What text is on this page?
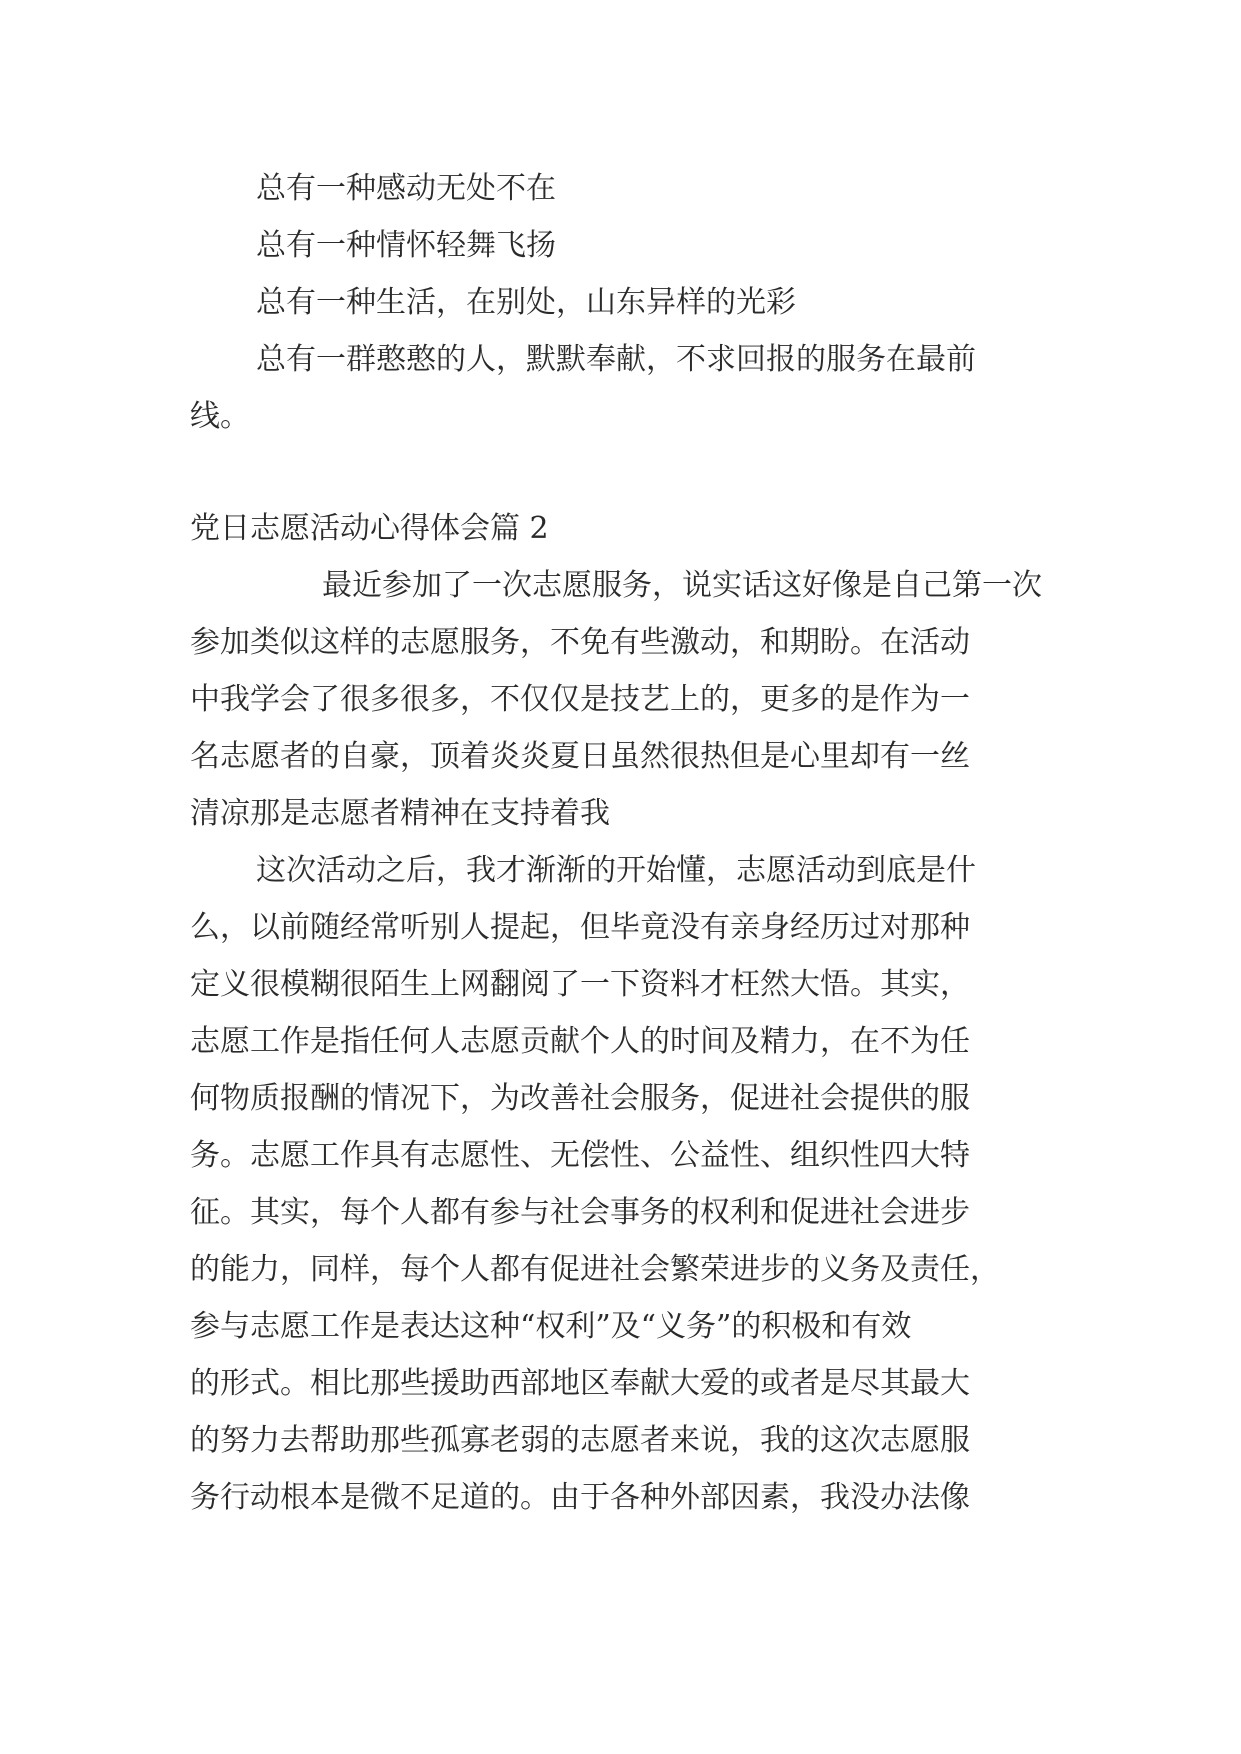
总有一种感动无处不在

总有一种情怀轻舞飞扬

总有一种生活，在别处，山东异样的光彩

总有一群憨憨的人，默默奉献，不求回报的服务在最前

线。

党日志愿活动心得体会篇 2
最近参加了一次志愿服务，说实话这好像是自己第一次
参加类似这样的志愿服务，不免有些激动，和期盼。在活动
中我学会了很多很多，不仅仅是技艺上的，更多的是作为一
名志愿者的自豪，顶着炎炎夏日虽然很热但是心里却有一丝
清凉那是志愿者精神在支持着我
这次活动之后，我才渐渐的开始懂，志愿活动到底是什
么，以前随经常听别人提起，但毕竟没有亲身经历过对那种
定义很模糊很陌生上网翻阅了一下资料才枉然大悟。其实，
志愿工作是指任何人志愿贡献个人的时间及精力，在不为任
何物质报酬的情况下，为改善社会服务，促进社会提供的服
务。志愿工作具有志愿性、无偿性、公益性、组织性四大特
征。其实，每个人都有参与社会事务的权利和促进社会进步
的能力，同样，每个人都有促进社会繁荣进步的义务及责任，
参与志愿工作是表达这种“权利”及“义务”的积极和有效
的形式。相比那些援助西部地区奉献大爱的或者是尽其最大
的努力去帮助那些孤寡老弱的志愿者来说，我的这次志愿服
务行动根本是微不足道的。由于各种外部因素，我没办法像
